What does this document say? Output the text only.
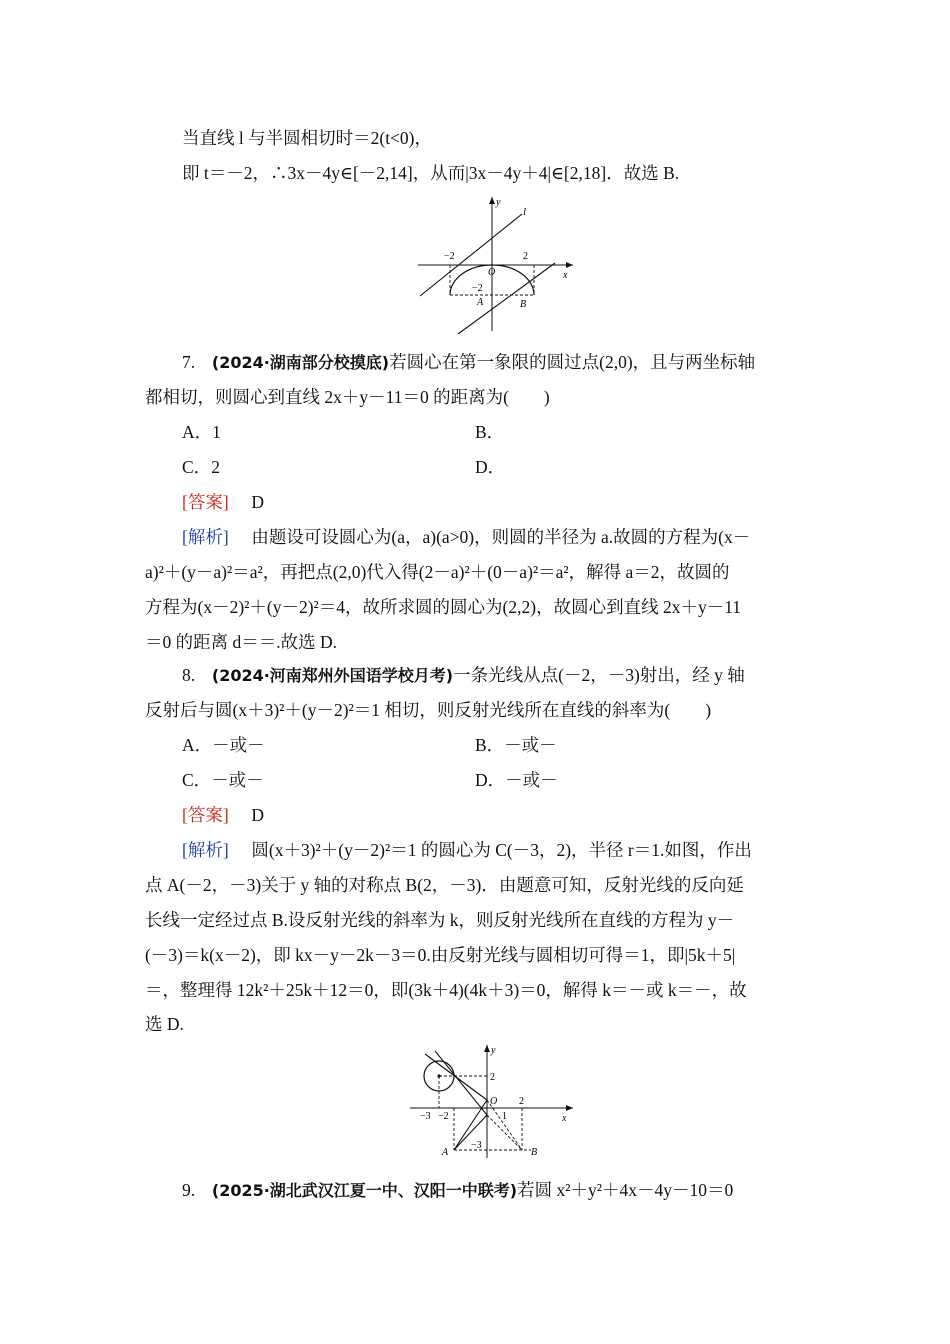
当直线 l 与半圆相切时＝2(t<0)，
即 t＝－2，∴3x－4y∈[－2,14]，从而|3x－4y＋4|∈[2,18]．故选 B.
y
l
x
O
−2	2
−2
A	B
7. (2024·湖南部分校摸底)若圆心在第一象限的圆过点(2,0)，且与两坐标轴
都相切，则圆心到直线 2x＋y－11＝0 的距离为(　　)
A．1	B．
C．2	D．
[答案] D
[解析] 由题设可设圆心为(a，a)(a>0)，则圆的半径为 a.故圆的方程为(x－
a)²＋(y－a)²＝a²，再把点(2,0)代入得(2－a)²＋(0－a)²＝a²，解得 a＝2，故圆的
方程为(x－2)²＋(y－2)²＝4，故所求圆的圆心为(2,2)，故圆心到直线 2x＋y－11
＝0 的距离 d＝＝.故选 D.
8. (2024·河南郑州外国语学校月考)一条光线从点(－2，－3)射出，经 y 轴
反射后与圆(x＋3)²＋(y－2)²＝1 相切，则反射光线所在直线的斜率为(　　)
A．－或－	B．－或－
C．－或－	D．－或－
[答案] D
[解析] 圆(x＋3)²＋(y－2)²＝1 的圆心为 C(－3，2)，半径 r＝1.如图，作出
点 A(－2，－3)关于 y 轴的对称点 B(2，－3)．由题意可知，反射光线的反向延
长线一定经过点 B.设反射光线的斜率为 k，则反射光线所在直线的方程为 y－
(－3)＝k(x－2)，即 kx－y－2k－3＝0.由反射光线与圆相切可得＝1，即|5k＋5|
＝，整理得 12k²＋25k＋12＝0，即(3k＋4)(4k＋3)＝0，解得 k＝－或 k＝－，故
选 D.
y
x
O
2
−3 −2	1
2
−3
A	B
9. (2025·湖北武汉江夏一中、汉阳一中联考)若圆 x²＋y²＋4x－4y－10＝0
